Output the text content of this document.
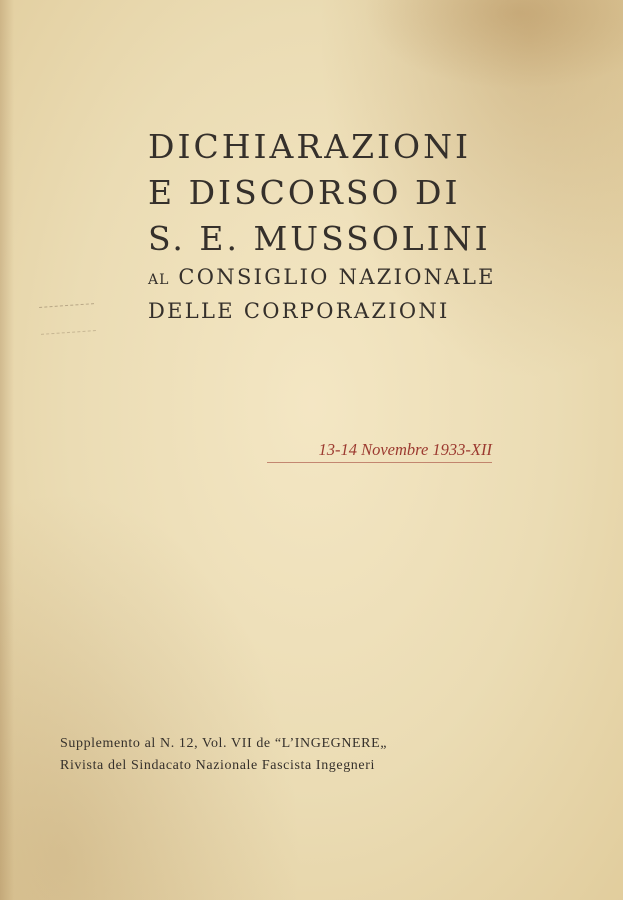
DICHIARAZIONI
E DISCORSO DI
S. E. MUSSOLINI
AL CONSIGLIO NAZIONALE
DELLE CORPORAZIONI
13-14 Novembre 1933-XII
Supplemento al N. 12, Vol. VII de “L’INGEGNERE„
Rivista del Sindacato Nazionale Fascista Ingegneri
